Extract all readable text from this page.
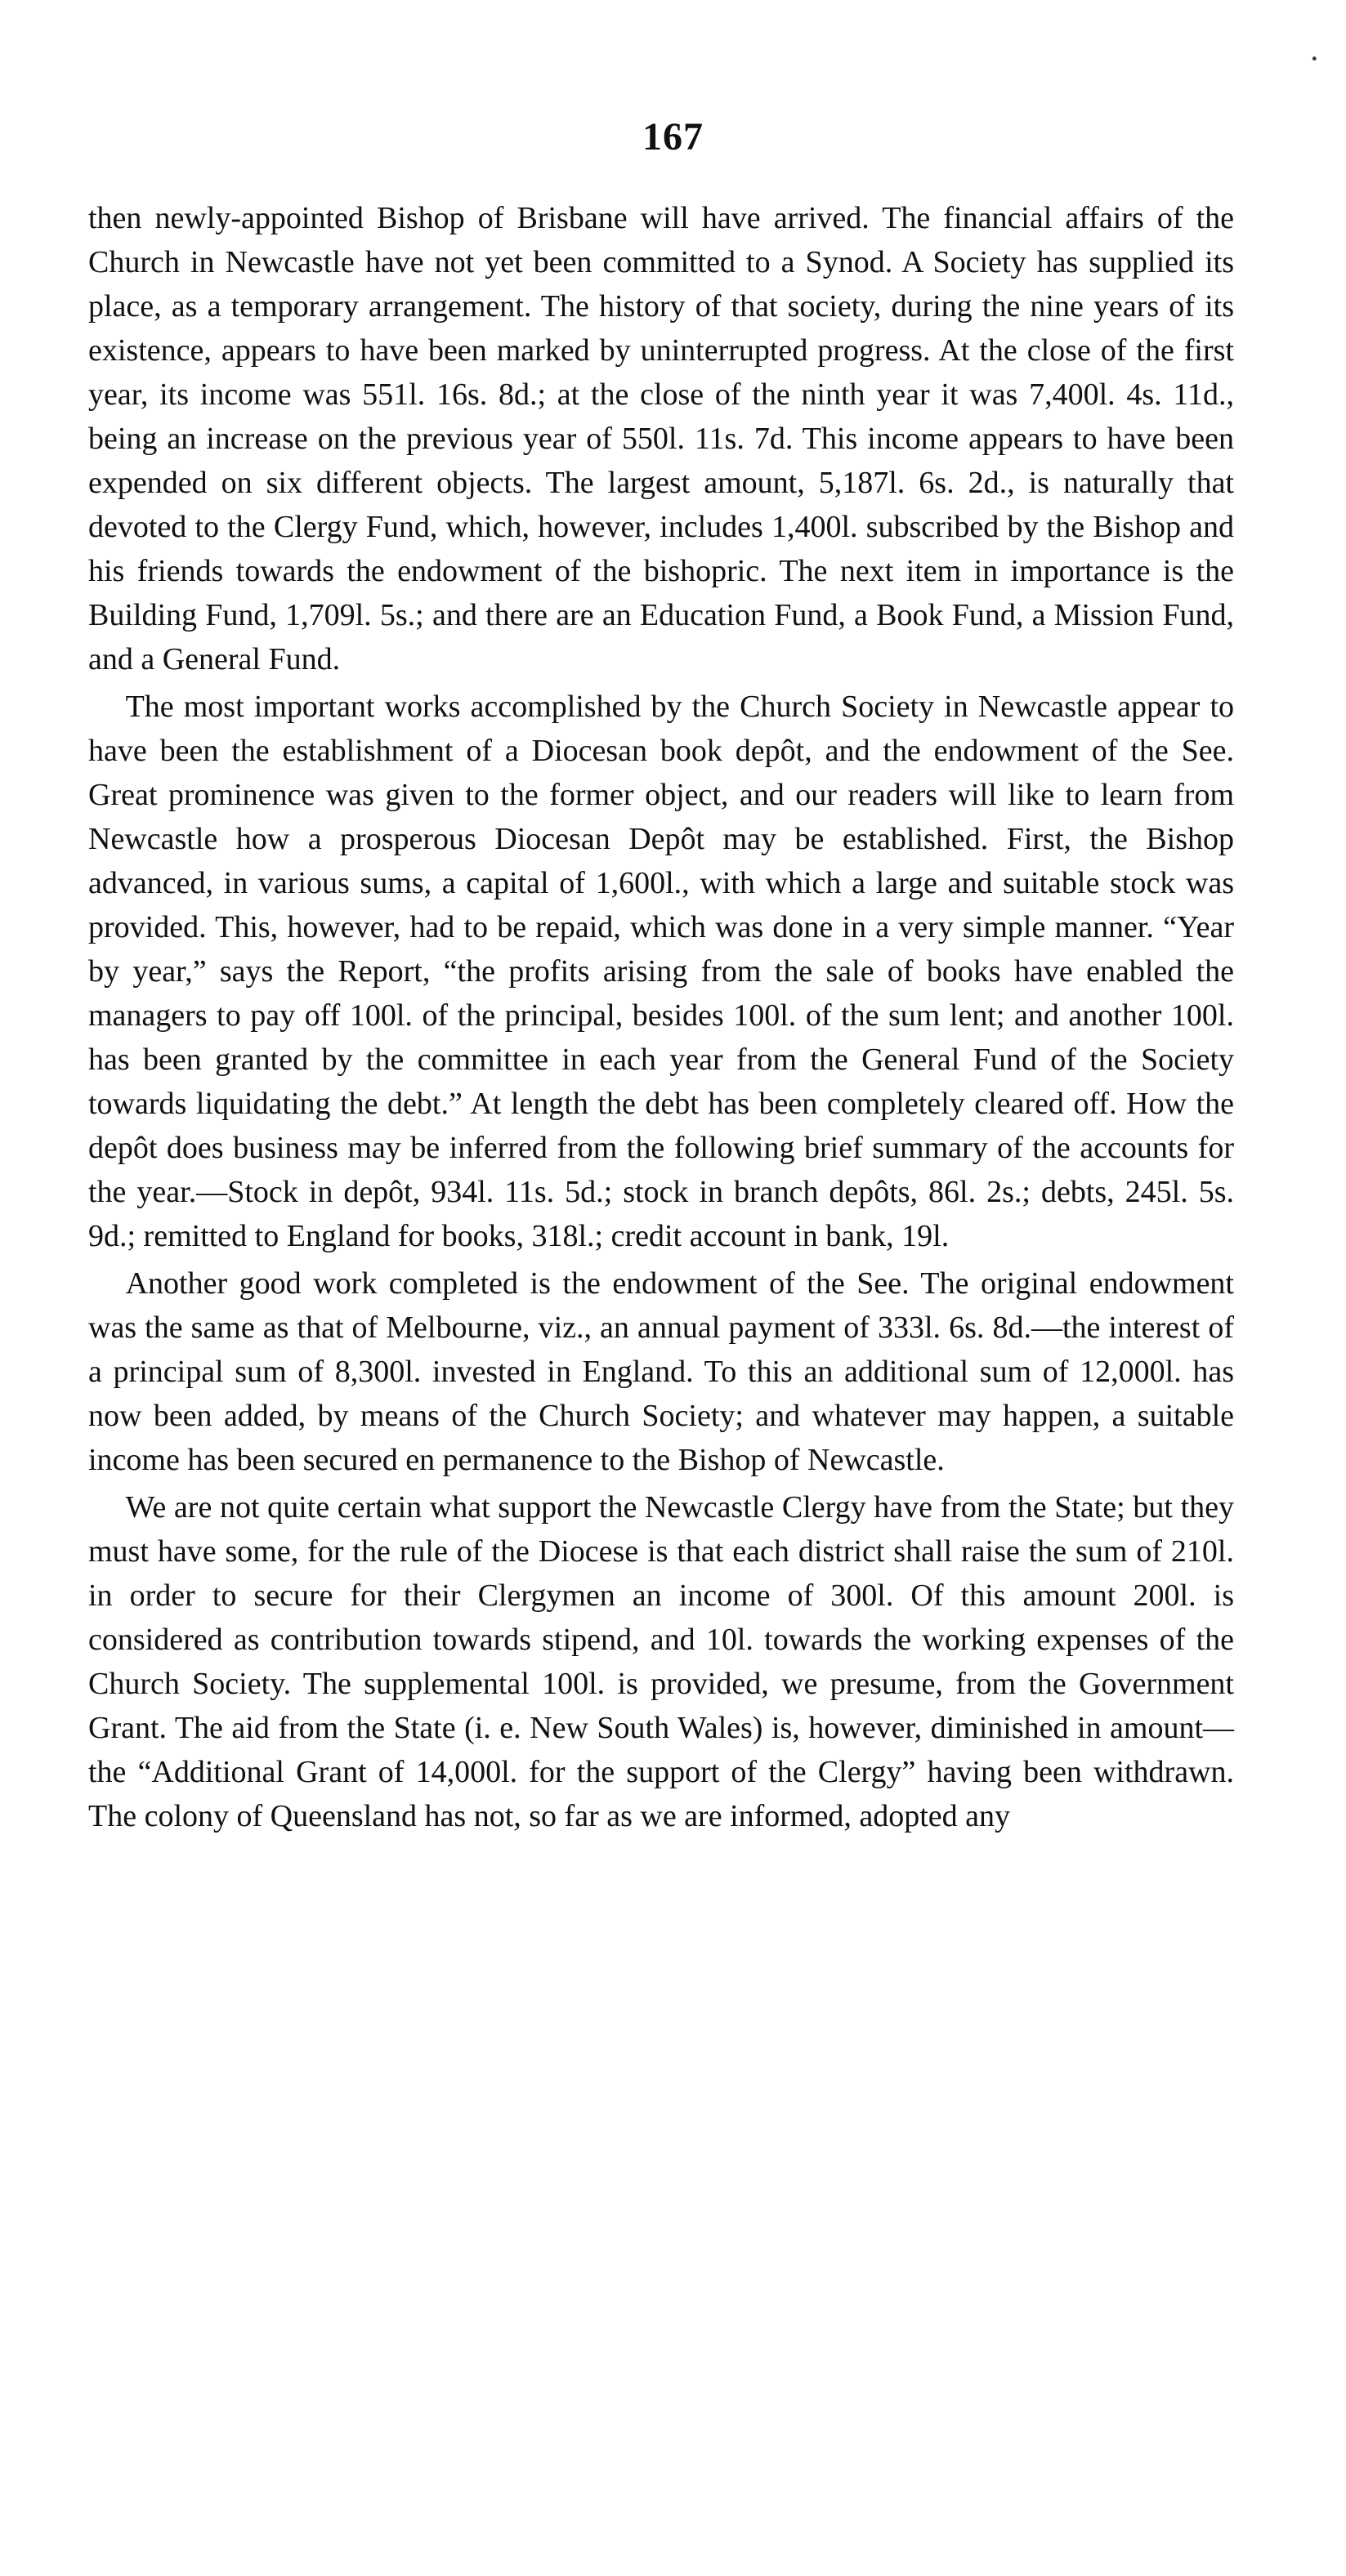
·
167

then newly-appointed Bishop of Brisbane will have arrived. The financial affairs of the Church in Newcastle have not yet been committed to a Synod. A Society has supplied its place, as a temporary arrangement. The history of that society, during the nine years of its existence, appears to have been marked by uninterrupted progress. At the close of the first year, its income was 551l. 16s. 8d.; at the close of the ninth year it was 7,400l. 4s. 11d., being an increase on the previous year of 550l. 11s. 7d. This income appears to have been expended on six different objects. The largest amount, 5,187l. 6s. 2d., is naturally that devoted to the Clergy Fund, which, however, includes 1,400l. subscribed by the Bishop and his friends towards the endowment of the bishopric. The next item in importance is the Building Fund, 1,709l. 5s.; and there are an Education Fund, a Book Fund, a Mission Fund, and a General Fund.

The most important works accomplished by the Church Society in Newcastle appear to have been the establishment of a Diocesan book depôt, and the endowment of the See. Great prominence was given to the former object, and our readers will like to learn from Newcastle how a prosperous Diocesan Depôt may be established. First, the Bishop advanced, in various sums, a capital of 1,600l., with which a large and suitable stock was provided. This, however, had to be repaid, which was done in a very simple manner. “Year by year,” says the Report, “the profits arising from the sale of books have enabled the managers to pay off 100l. of the principal, besides 100l. of the sum lent; and another 100l. has been granted by the committee in each year from the General Fund of the Society towards liquidating the debt.” At length the debt has been completely cleared off. How the depôt does business may be inferred from the following brief summary of the accounts for the year.—Stock in depôt, 934l. 11s. 5d.; stock in branch depôts, 86l. 2s.; debts, 245l. 5s. 9d.; remitted to England for books, 318l.; credit account in bank, 19l.

Another good work completed is the endowment of the See. The original endowment was the same as that of Melbourne, viz., an annual payment of 333l. 6s. 8d.—the interest of a principal sum of 8,300l. invested in England. To this an additional sum of 12,000l. has now been added, by means of the Church Society; and whatever may happen, a suitable income has been secured en permanence to the Bishop of Newcastle.

We are not quite certain what support the Newcastle Clergy have from the State; but they must have some, for the rule of the Diocese is that each district shall raise the sum of 210l. in order to secure for their Clergymen an income of 300l. Of this amount 200l. is considered as contribution towards stipend, and 10l. towards the working expenses of the Church Society. The supplemental 100l. is provided, we presume, from the Government Grant. The aid from the State (i. e. New South Wales) is, however, diminished in amount—the “Additional Grant of 14,000l. for the support of the Clergy” having been withdrawn. The colony of Queensland has not, so far as we are informed, adopted any
